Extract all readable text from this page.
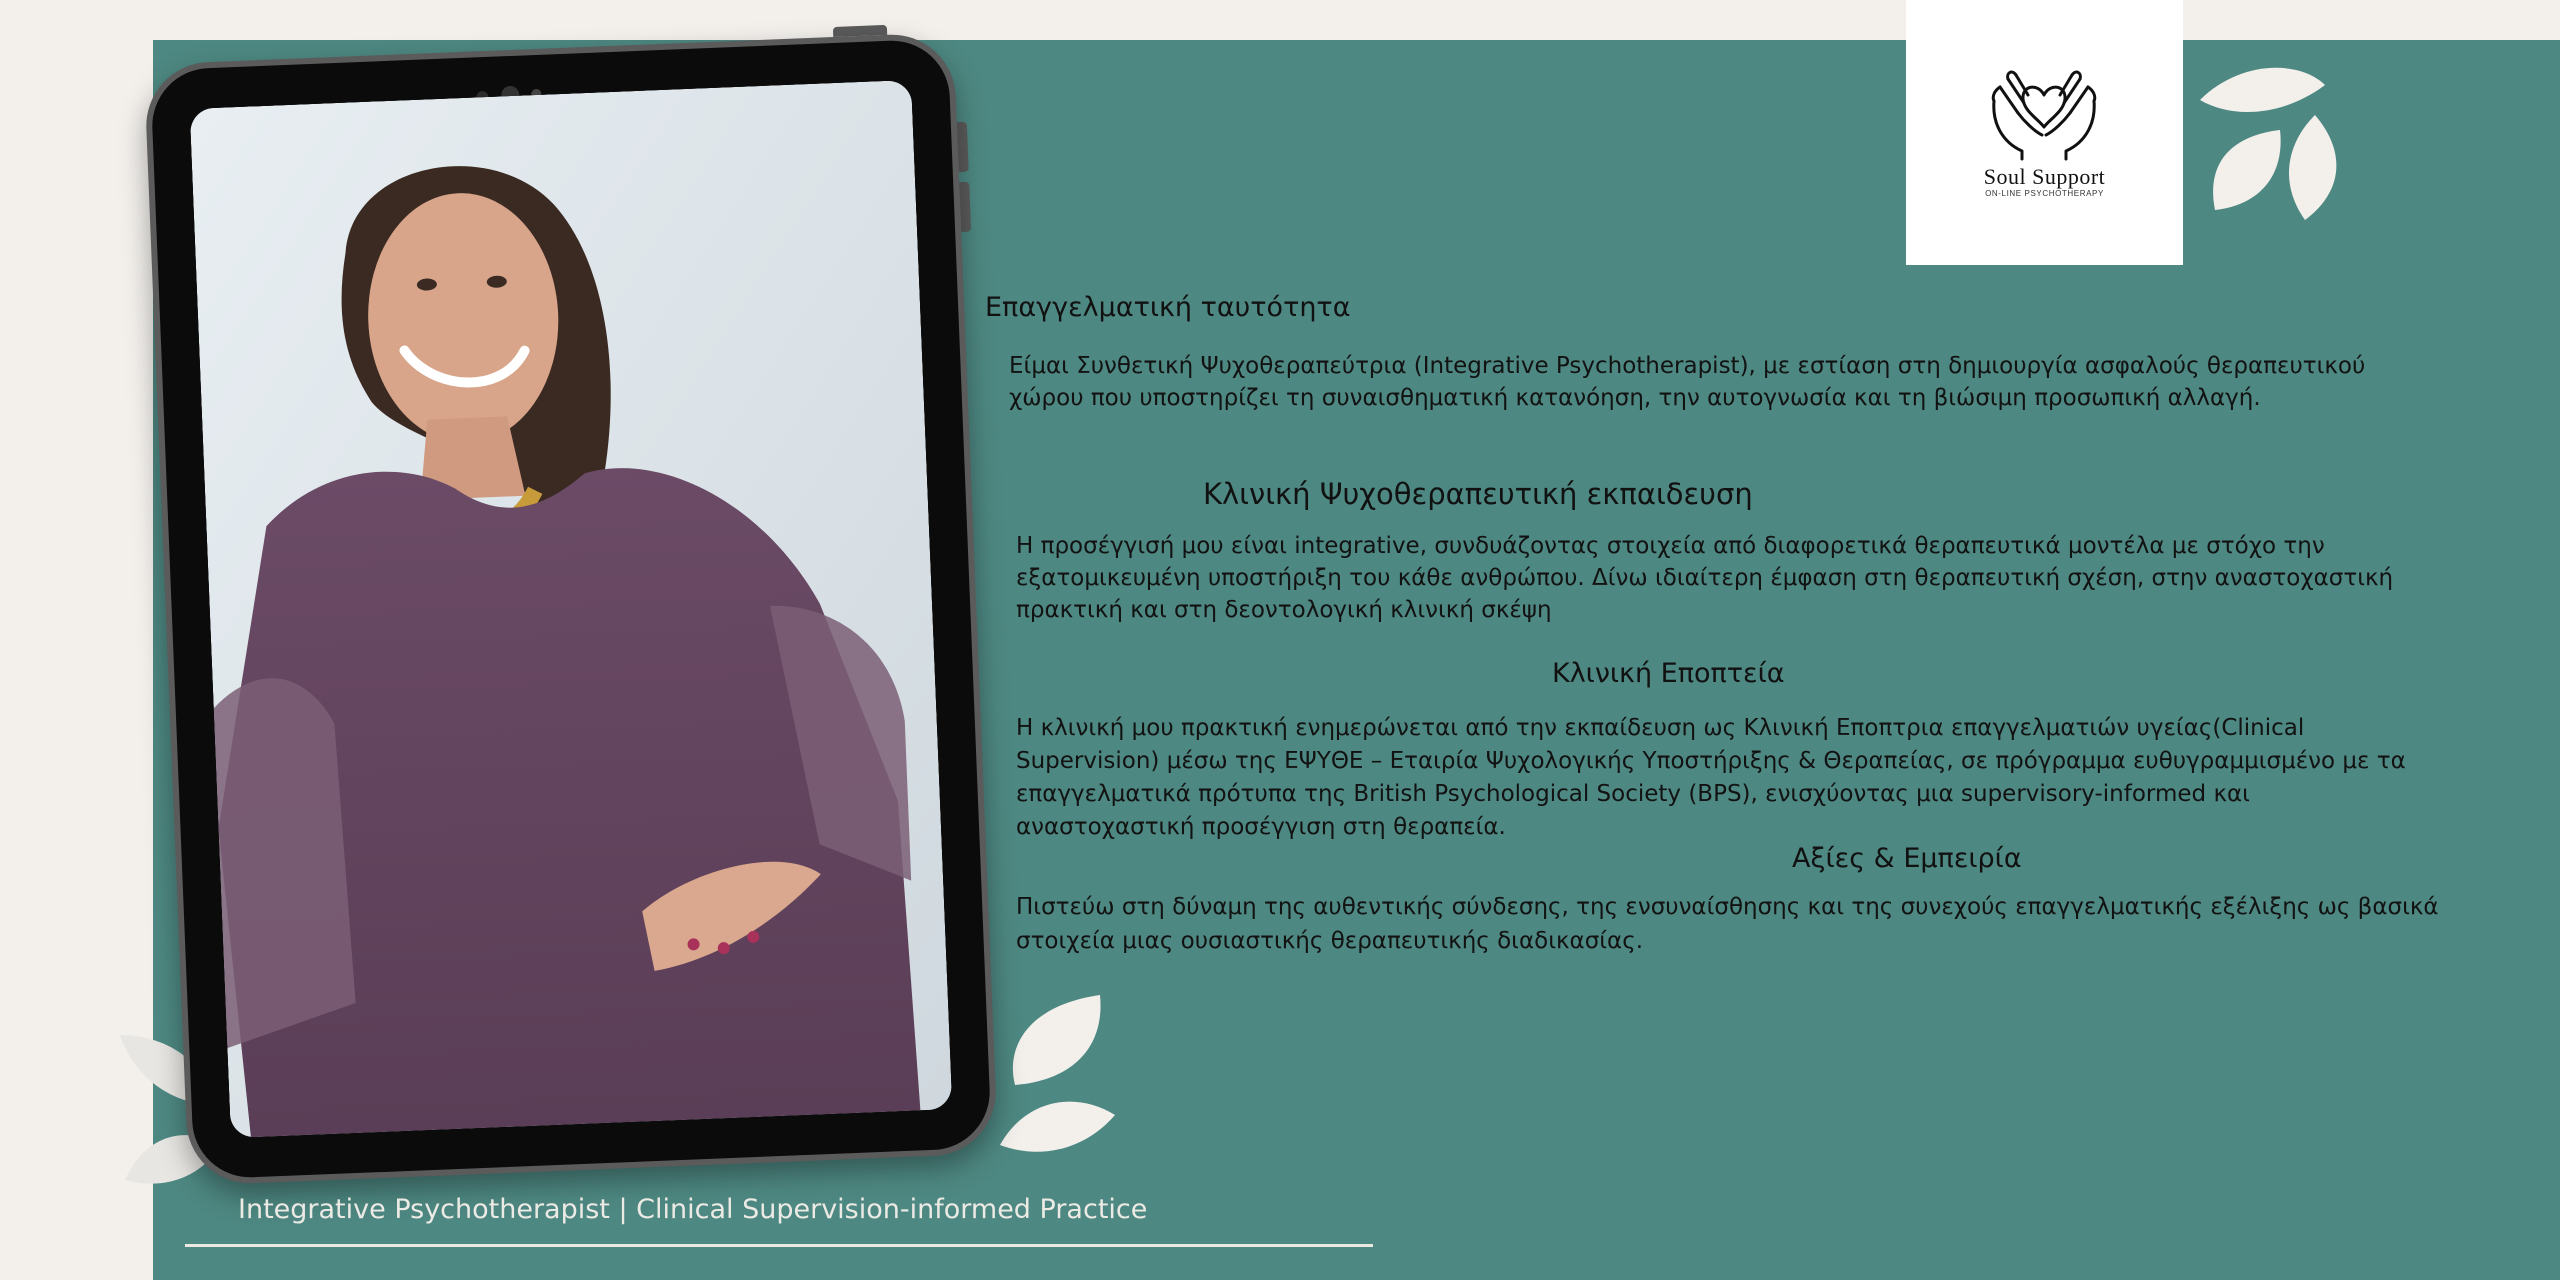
Soul Support
ON-LINE PSYCHOTHERAPY
Επαγγελματική ταυτότητα
Είμαι Συνθετική Ψυχοθεραπεύτρια (Integrative Psychotherapist), με εστίαση στη δημιουργία ασφαλούς θεραπευτικού
χώρου που υποστηρίζει τη συναισθηματική κατανόηση, την αυτογνωσία και τη βιώσιμη προσωπική αλλαγή.
Κλινική Ψυχοθεραπευτική εκπαιδευση
Η προσέγγισή μου είναι integrative, συνδυάζοντας στοιχεία από διαφορετικά θεραπευτικά μοντέλα με στόχο την
εξατομικευμένη υποστήριξη του κάθε ανθρώπου. Δίνω ιδιαίτερη έμφαση στη θεραπευτική σχέση, στην αναστοχαστική
πρακτική και στη δεοντολογική κλινική σκέψη
Κλινική Εποπτεία
Η κλινική μου πρακτική ενημερώνεται από την εκπαίδευση ως Κλινική Εποπτρια επαγγελματιών υγείας(Clinical
Supervision) μέσω της ΕΨΥΘΕ – Εταιρία Ψυχολογικής Υποστήριξης & Θεραπείας, σε πρόγραμμα ευθυγραμμισμένο με τα
επαγγελματικά πρότυπα της British Psychological Society (BPS), ενισχύοντας μια supervisory-informed και
αναστοχαστική προσέγγιση στη θεραπεία.
Αξίες & Εμπειρία
Πιστεύω στη δύναμη της αυθεντικής σύνδεσης, της ενσυναίσθησης και της συνεχούς επαγγελματικής εξέλιξης ως βασικά
στοιχεία μιας ουσιαστικής θεραπευτικής διαδικασίας.
Integrative Psychotherapist | Clinical Supervision-informed Practice
